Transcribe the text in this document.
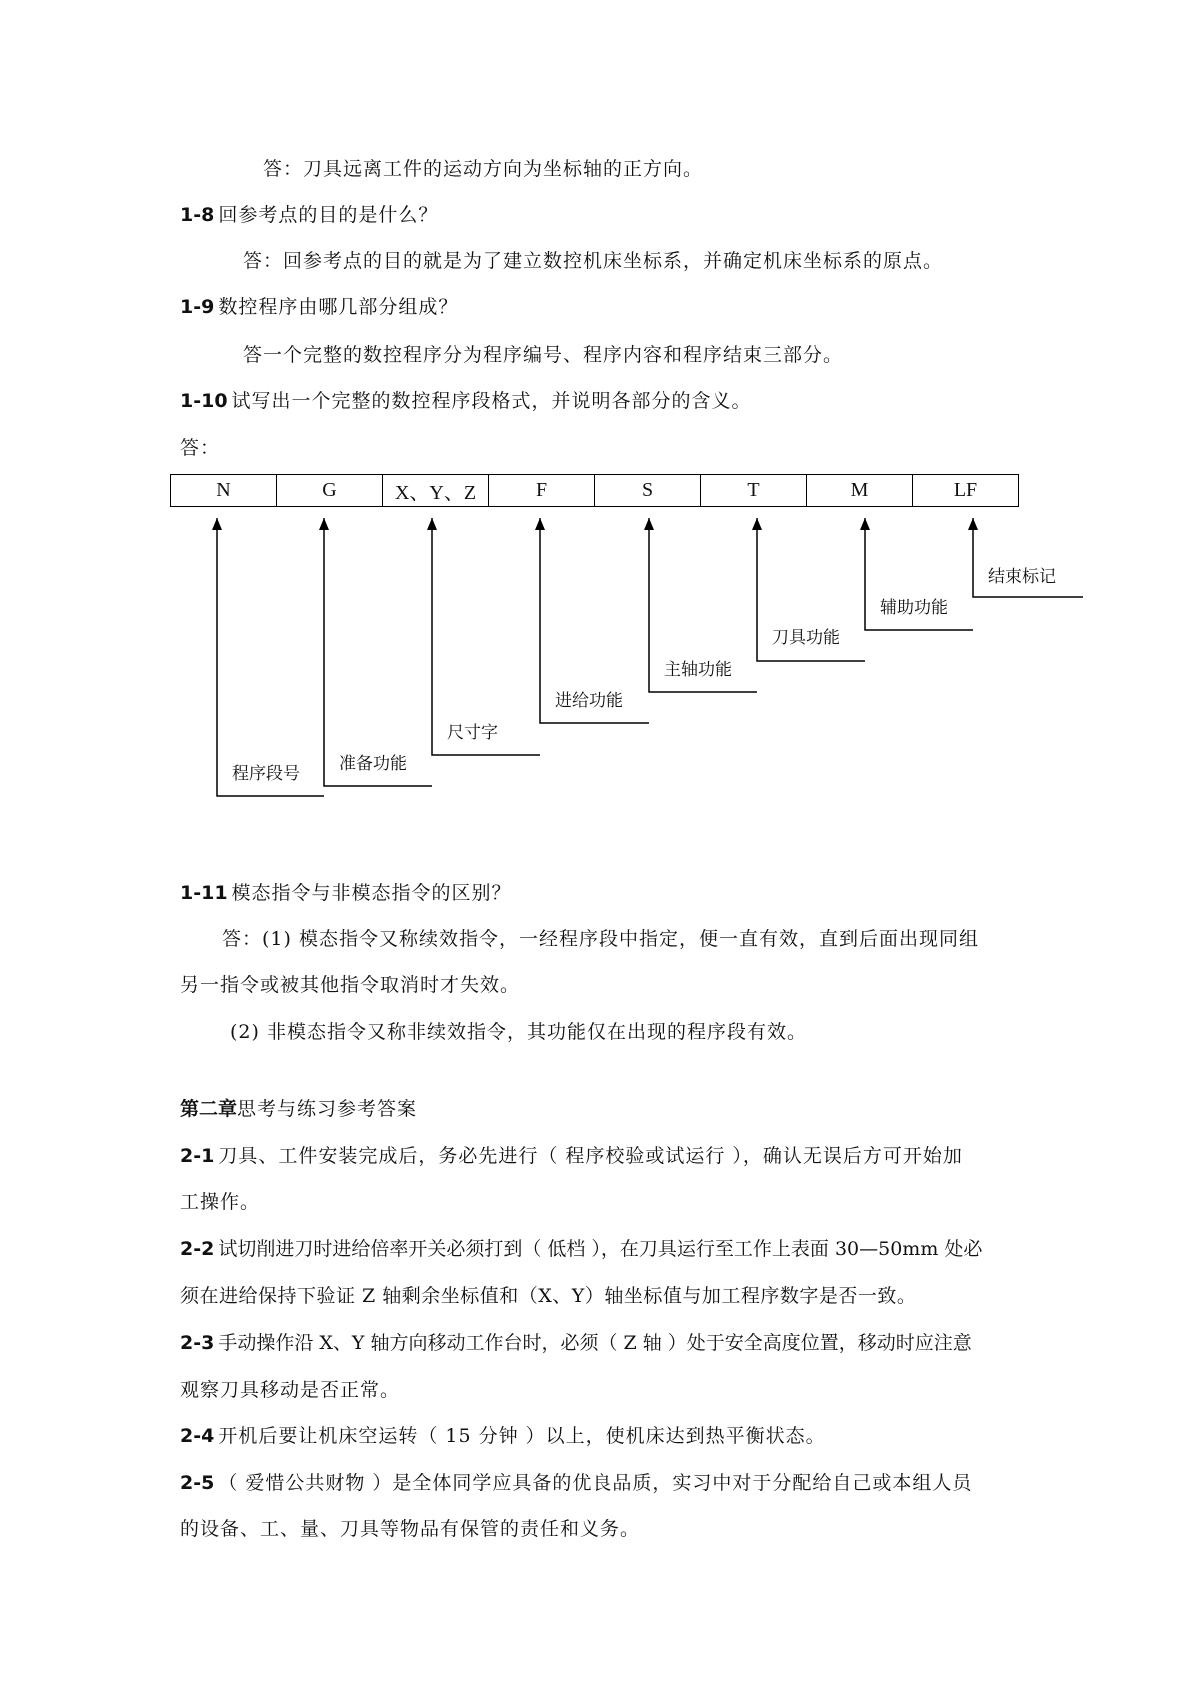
答：刀具远离工件的运动方向为坐标轴的正方向。
1-8 回参考点的目的是什么？
答：回参考点的目的就是为了建立数控机床坐标系，并确定机床坐标系的原点。
1-9 数控程序由哪几部分组成？
答一个完整的数控程序分为程序编号、程序内容和程序结束三部分。
1-10 试写出一个完整的数控程序段格式，并说明各部分的含义。
答：
N	G	X、Y、Z	F	S	T	M	LF
程序段号 准备功能
尺寸字
进给功能
主轴功能
刀具功能
辅助功能
结束标记
1-11 模态指令与非模态指令的区别？
答：(1) 模态指令又称续效指令，一经程序段中指定，便一直有效，直到后面出现同组
另一指令或被其他指令取消时才失效。
(2) 非模态指令又称非续效指令，其功能仅在出现的程序段有效。
第二章思考与练习参考答案
2-1 刀具、工件安装完成后，务必先进行（ 程序校验或试运行 ），确认无误后方可开始加
工操作。
2-2 试切削进刀时进给倍率开关必须打到（ 低档 ），在刀具运行至工作上表面 30—50mm 处必
须在进给保持下验证 Z 轴剩余坐标值和（X、Y）轴坐标值与加工程序数字是否一致。
2-3 手动操作沿 X、Y 轴方向移动工作台时，必须（ Z 轴 ）处于安全高度位置，移动时应注意
观察刀具移动是否正常。
2-4 开机后要让机床空运转（ 15 分钟 ）以上，使机床达到热平衡状态。
2-5 （ 爱惜公共财物 ）是全体同学应具备的优良品质，实习中对于分配给自己或本组人员
的设备、工、量、刀具等物品有保管的责任和义务。
